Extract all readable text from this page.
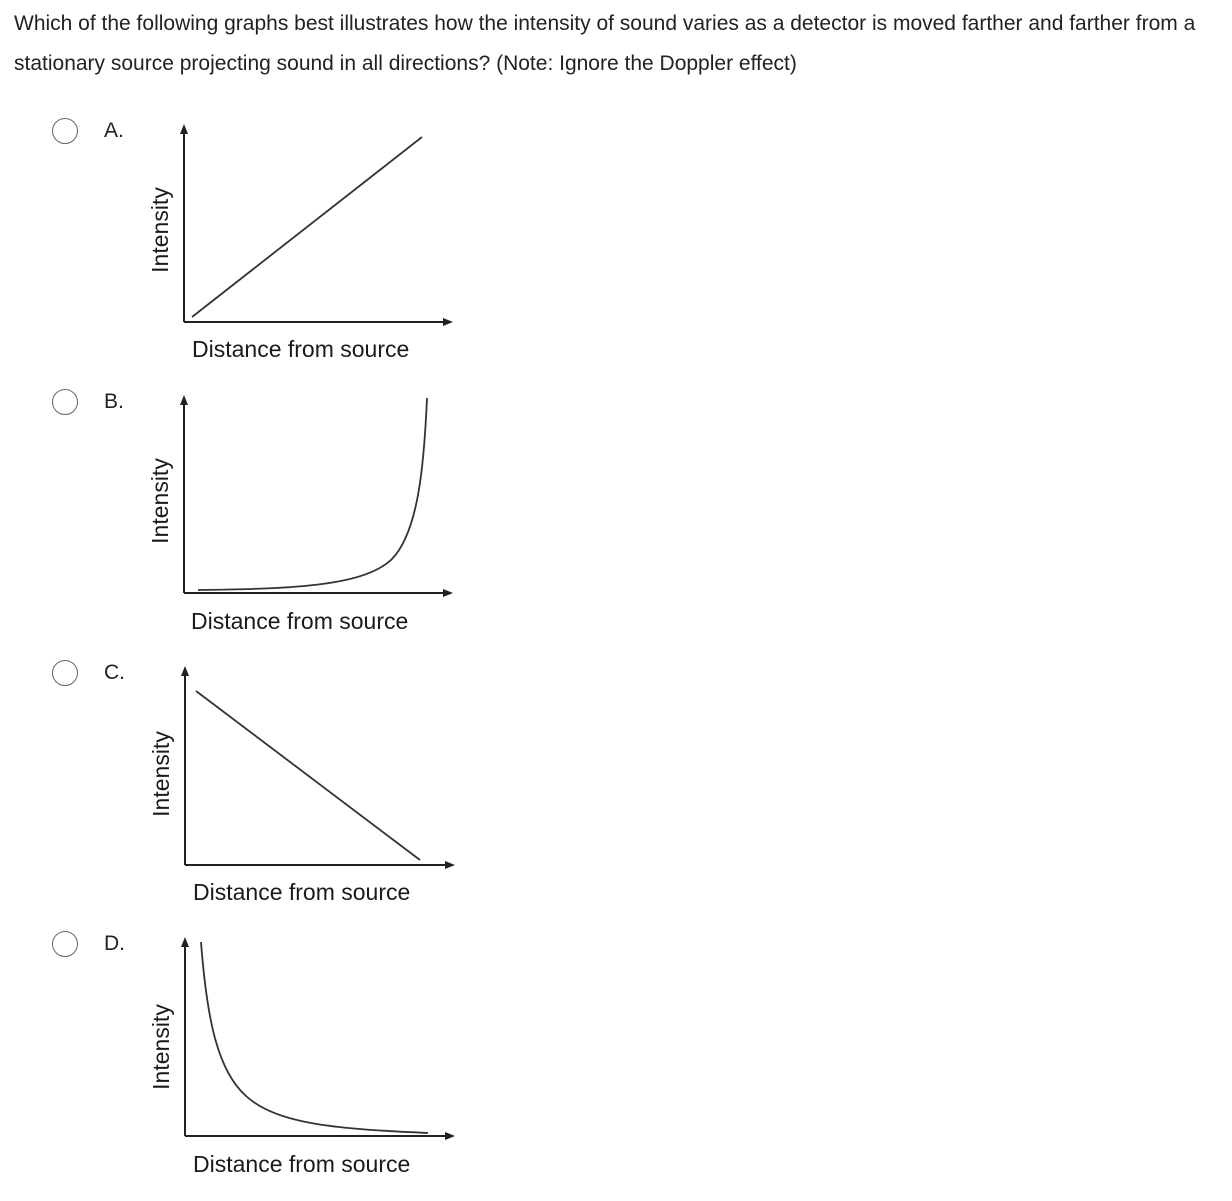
Which of the following graphs best illustrates how the intensity of sound varies as a detector is moved farther and farther from a stationary source projecting sound in all directions? (Note: Ignore the Doppler effect)

A.
Distance from source
Intensity
B.
Distance from source
Intensity
C.
Distance from source
Intensity
D.
Distance from source
Intensity
